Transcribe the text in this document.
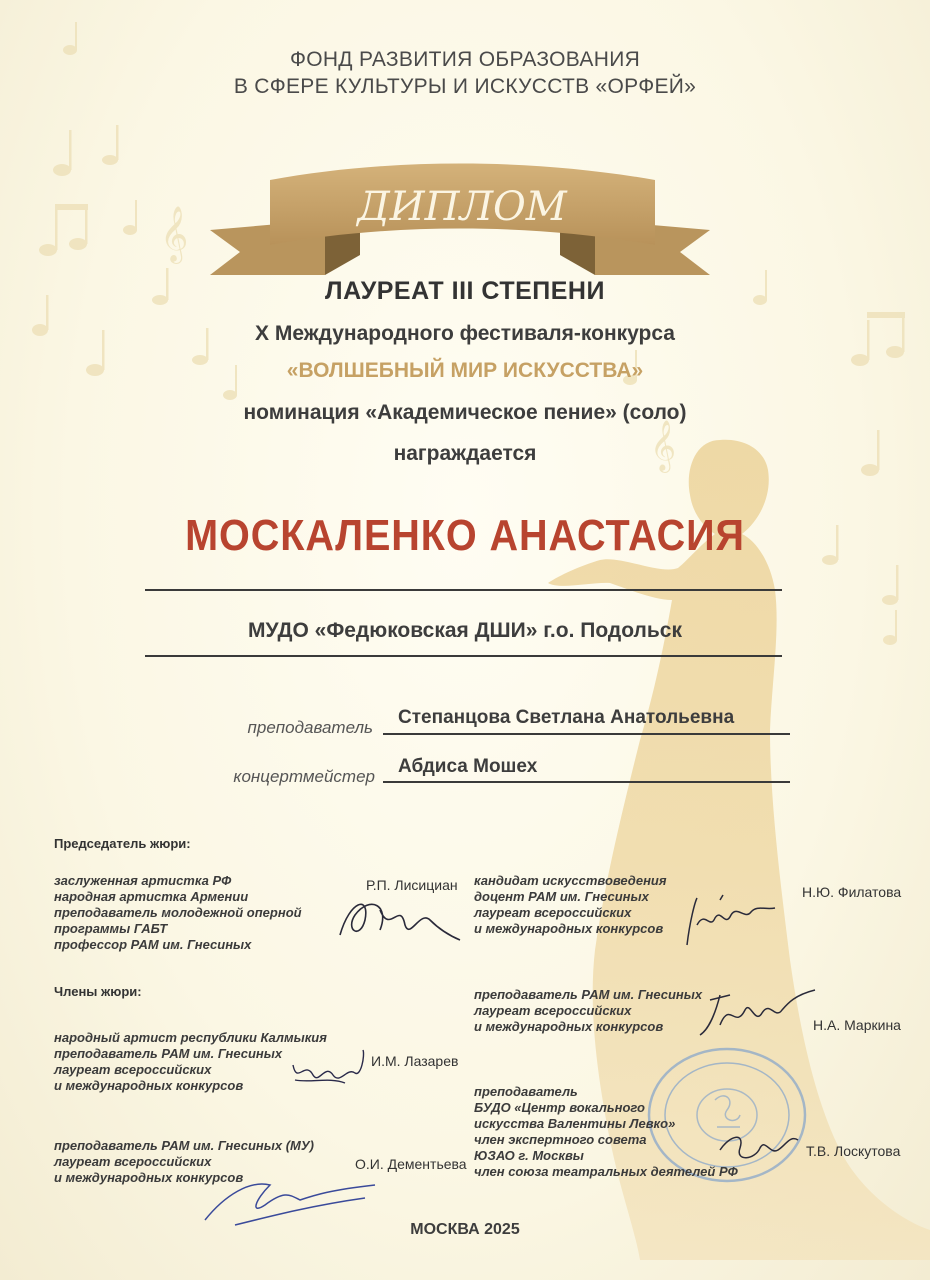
𝄞
𝄞
ФОНД РАЗВИТИЯ ОБРАЗОВАНИЯ
В СФЕРЕ КУЛЬТУРЫ И ИСКУССТВ «ОРФЕЙ»
ДИПЛОМ
ЛАУРЕАТ III СТЕПЕНИ
X Международного фестиваля-конкурса
«ВОЛШЕБНЫЙ МИР ИСКУССТВА»
номинация «Академическое пение» (соло)
награждается
МОСКАЛЕНКО АНАСТАСИЯ
МУДО «Федюковская ДШИ» г.о. Подольск
преподаватель Степанцова Светлана Анатольевна
концертмейстер Абдиса Мошех
Председатель жюри:
заслуженная артистка РФ
народная артистка Армении
преподаватель молодежной оперной
программы ГАБТ
профессор РАМ им. Гнесиных
Р.П. Лисициан
Члены жюри:
народный артист республики Калмыкия
преподаватель РАМ им. Гнесиных
лауреат всероссийских
и международных конкурсов
И.М. Лазарев
преподаватель РАМ им. Гнесиных (МУ)
лауреат всероссийских
и международных конкурсов
О.И. Дементьева
кандидат искусствоведения
доцент РАМ им. Гнесиных
лауреат всероссийских
и международных конкурсов
Н.Ю. Филатова
преподаватель РАМ им. Гнесиных
лауреат всероссийских
и международных конкурсов	Н.А. Маркина
преподаватель
БУДО «Центр вокального
искусства Валентины Левко»
член экспертного совета
ЮЗАО г. Москвы
член союза театральных деятелей РФ
Т.В. Лоскутова
МОСКВА 2025
